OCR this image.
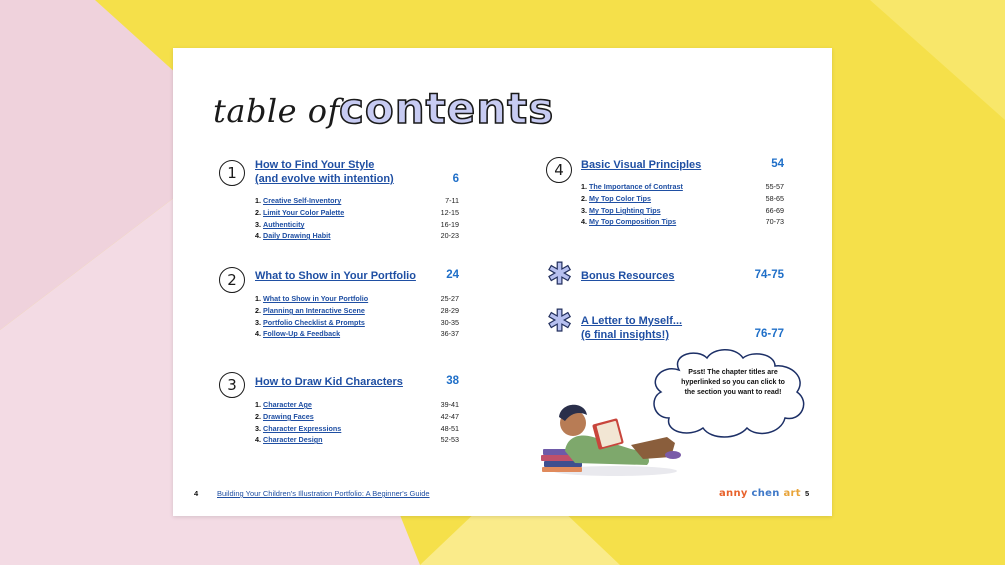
table of contents
1	How to Find Your Style
(and evolve with intention)	6
1. Creative Self-Inventory	7-11
2. Limit Your Color Palette	12-15
3. Authenticity	16-19
4. Daily Drawing Habit	20-23
2	What to Show in Your Portfolio	24
1. What to Show in Your Portfolio	25-27
2. Planning an Interactive Scene	28-29
3. Portfolio Checklist & Prompts	30-35
4. Follow-Up & Feedback	36-37
3	How to Draw Kid Characters	38
1. Character Age	39-41
2. Drawing Faces	42-47
3. Character Expressions	48-51
4. Character Design	52-53
4	Basic Visual Principles	54
1. The Importance of Contrast	55-57
2. My Top Color Tips	58-65
3. My Top Lighting Tips	66-69
4. My Top Composition Tips	70-73
✱ Bonus Resources	74-75
✱ A Letter to Myself...
(6 final insights!)	76-77
Psst! The chapter titles are hyperlinked so you can click to the section you want to read!
4	Building Your Children's Illustration Portfolio: A Beginner's Guide	anny chen art 5
